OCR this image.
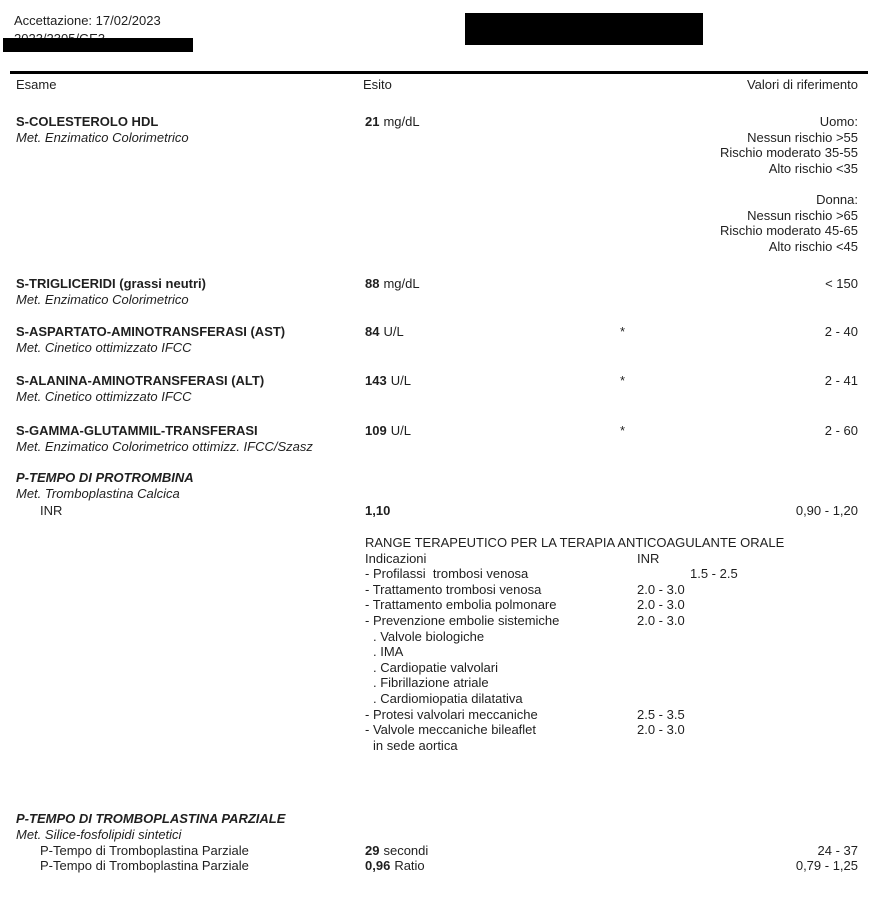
Accettazione: 17/02/2023
Esame	Esito	Valori di riferimento
S-COLESTEROLO HDL
Met. Enzimatico Colorimetrico
21 mg/dL	Uomo:
Nessun rischio >55
Rischio moderato 35-55
Alto rischio <35
Donna:
Nessun rischio >65
Rischio moderato 45-65
Alto rischio <45
S-TRIGLICERIDI (grassi neutri)
Met. Enzimatico Colorimetrico
88 mg/dL	< 150
S-ASPARTATO-AMINOTRANSFERASI (AST)
Met. Cinetico ottimizzato IFCC
84 U/L	*	2 - 40
S-ALANINA-AMINOTRANSFERASI (ALT)
Met. Cinetico ottimizzato IFCC
143 U/L	*	2 - 41
S-GAMMA-GLUTAMMIL-TRANSFERASI
Met. Enzimatico Colorimetrico ottimizz. IFCC/Szasz
109 U/L	*	2 - 60
P-TEMPO DI PROTROMBINA
Met. Tromboplastina Calcica
INR	1,10	0,90 - 1,20
RANGE TERAPEUTICO PER LA TERAPIA ANTICOAGULANTE ORALE
Indicazioni	INR
- Profilassi  trombosi venosa	1.5 - 2.5
- Trattamento trombosi venosa	2.0 - 3.0
- Trattamento embolia polmonare	2.0 - 3.0
- Prevenzione embolie sistemiche	2.0 - 3.0
. Valvole biologiche
. IMA
. Cardiopatie valvolari
. Fibrillazione atriale
. Cardiomiopatia dilatativa
- Protesi valvolari meccaniche	2.5 - 3.5
- Valvole meccaniche bileaflet	2.0 - 3.0
in sede aortica
P-TEMPO DI TROMBOPLASTINA PARZIALE
Met. Silice-fosfolipidi sintetici
P-Tempo di Tromboplastina Parziale	29 secondi	24 - 37
P-Tempo di Tromboplastina Parziale	0,96 Ratio	0,79 - 1,25
